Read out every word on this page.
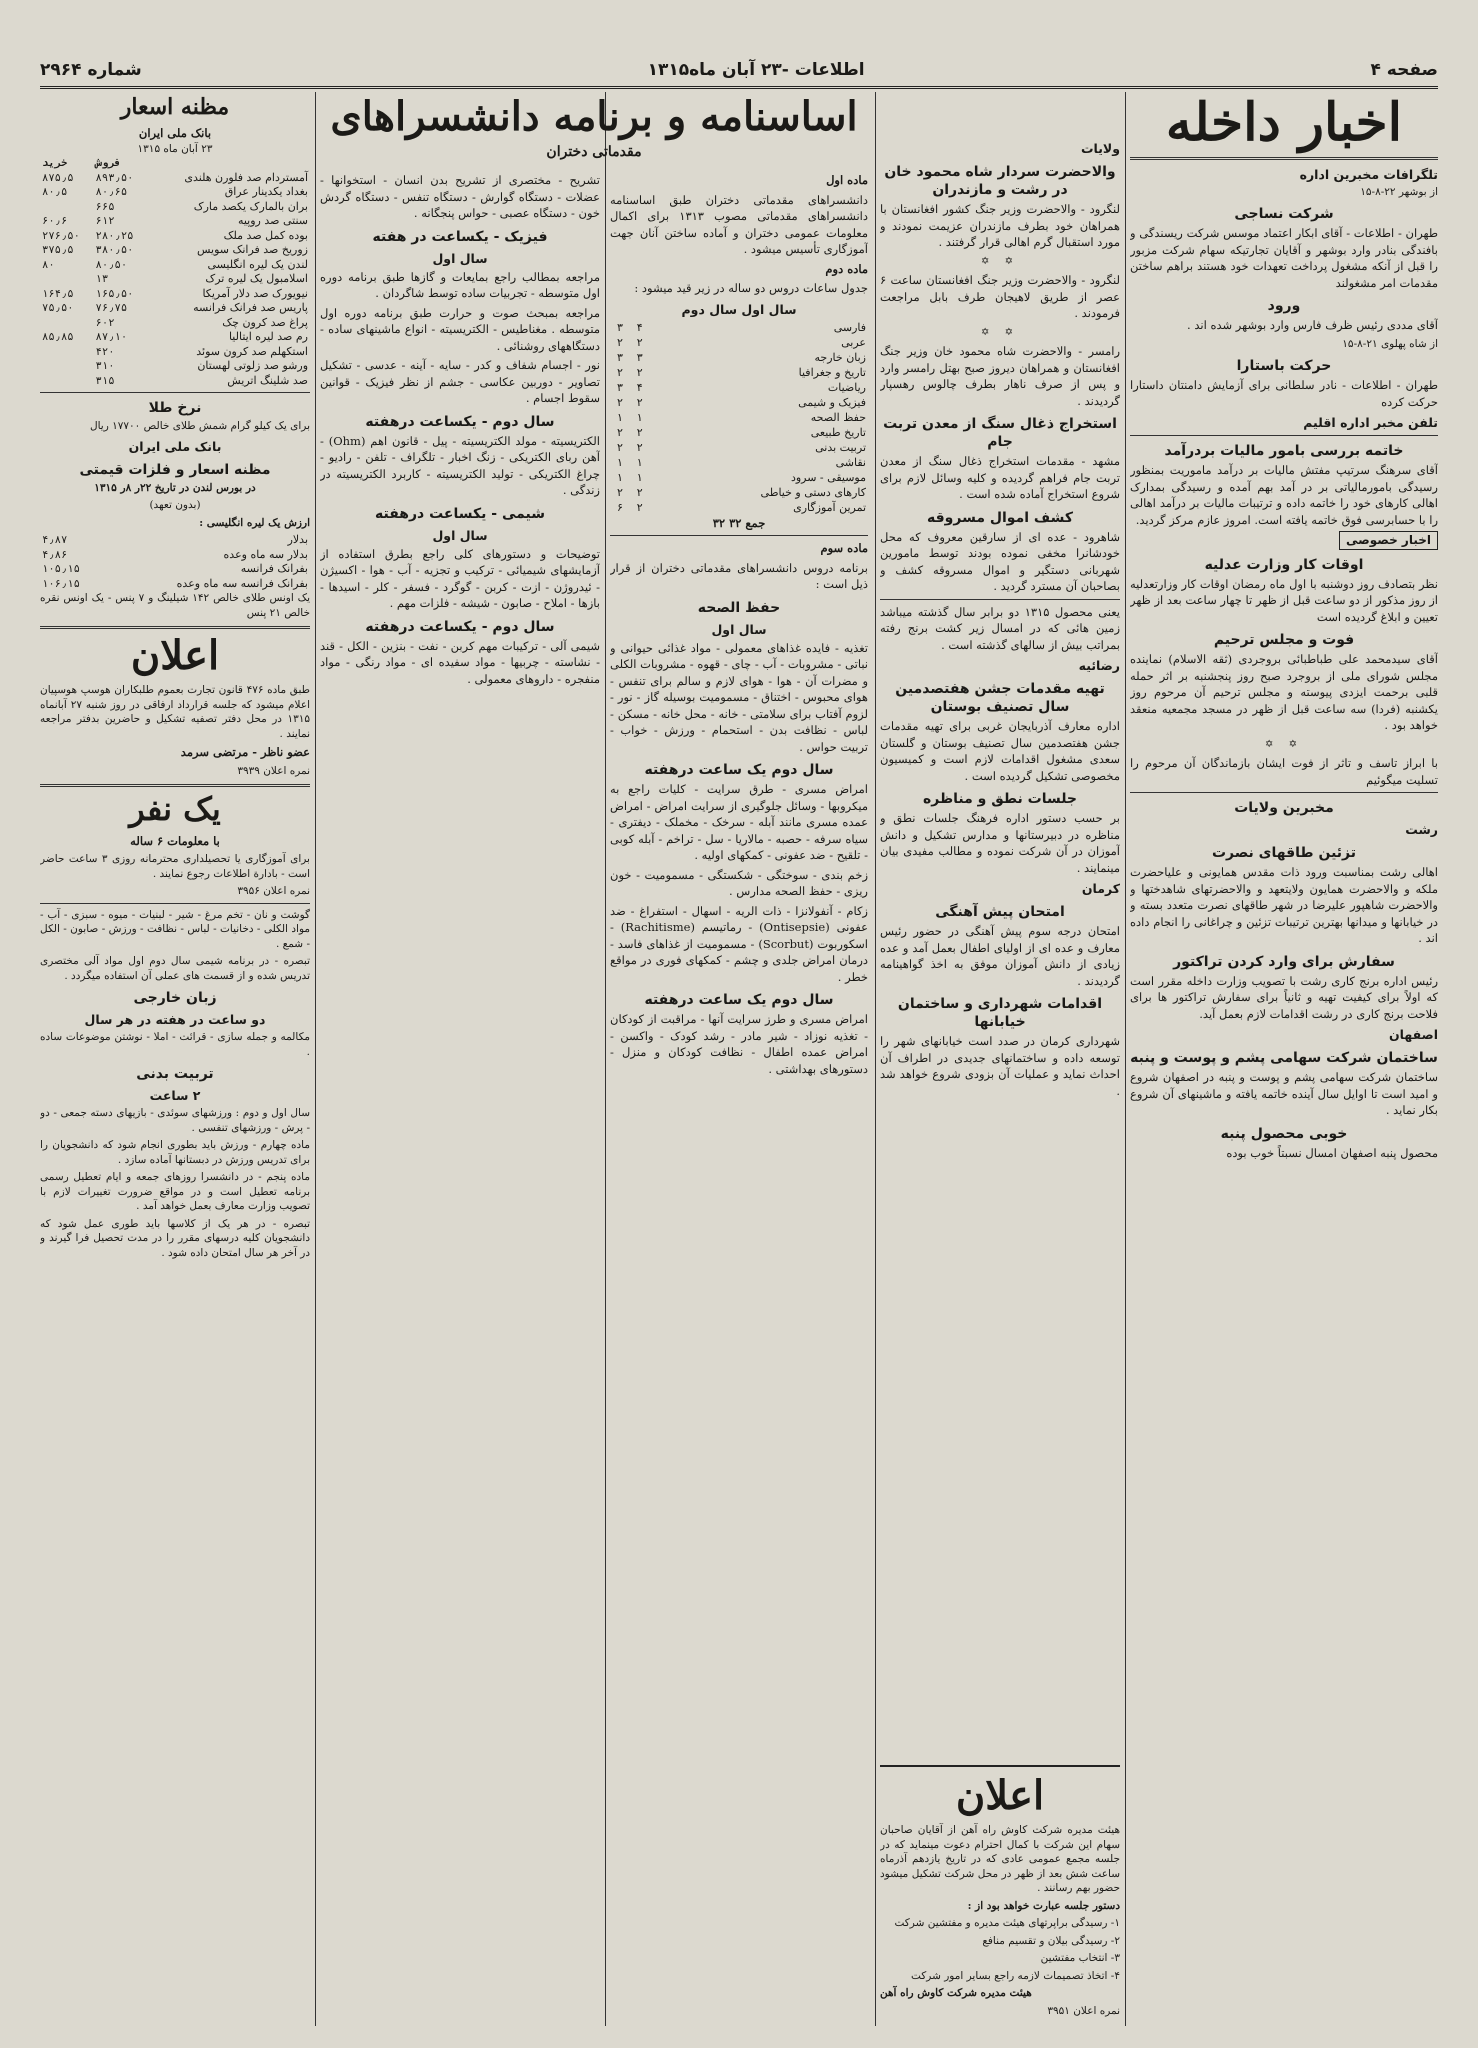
صفحه ۴
اطلاعات -۲۳ آبان ماه۱۳۱۵
شماره ۲۹۶۴
اخبار داخله
تلگرافات مخبرین اداره

از بوشهر ۲۲-۸-۱۵

شرکت نساجی

طهران - اطلاعات - آقای ابکار اعتماد موسس شرکت ریسندگی و بافندگی بنادر وارد بوشهر و آقایان تجارتیکه سهام شرکت مزبور را قبل از آنکه مشغول پرداخت تعهدات خود هستند براهم ساختن مقدمات امر مشغولند

ورود

آقای مددی رئیس ظرف فارس وارد بوشهر شده اند .

از شاه پهلوی ۲۱-۸-۱۵

حرکت باستارا

طهران - اطلاعات - نادر سلطانی برای آزمایش دامنتان داستارا حرکت کرده

تلفن مخبر اداره اقلیم
خاتمه بررسی بامور مالیات بردرآمد

آقای سرهنگ سرتیپ مفتش مالیات بر درآمد ماموریت بمنظور رسیدگی بامورمالیاتی بر در آمد بهم آمده و رسیدگی بمدارک اهالی کارهای خود را خاتمه داده و ترتیبات مالیات بر درآمد اهالی را با حسابرسی فوق خاتمه یافته است. امروز عازم مرکز گردید.

اخبار خصوصی

اوقات کار وزارت عدلیه

نظر بتصادف روز دوشنبه با اول ماه رمضان اوقات کار وزارتعدلیه از روز مذکور از دو ساعت قبل از ظهر تا چهار ساعت بعد از ظهر تعیین و ابلاغ گردیده است

فوت و مجلس ترحیم

آقای سیدمحمد علی طباطبائی بروجردی (ثقه الاسلام) نماینده مجلس شورای ملی از بروجرد صبح روز پنجشنبه بر اثر حمله قلبی برحمت ایزدی پیوسته و مجلس ترحیم آن مرحوم روز یکشنبه (فردا) سه ساعت قبل از ظهر در مسجد مجمعیه منعقد خواهد بود .

✡ ✡

با ابراز تاسف و تاثر از فوت ایشان بازماندگان آن مرحوم را تسلیت میگوئیم

مخبرین ولایات
رشت
تزئین طاقهای نصرت

اهالی رشت بمناسبت ورود ذات مقدس همایونی و علیاحضرت ملکه و والاحضرت همایون ولایتعهد و والاحضرتهای شاهدختها و والاحضرت شاهپور علیرضا در شهر طاقهای نصرت متعدد بسته و در خیابانها و میدانها بهترین ترتیبات تزئین و چراغانی را انجام داده اند .

سفارش برای وارد کردن تراکتور

رئیس اداره برنج کاری رشت با تصویب وزارت داخله مقرر است که اولاً برای کیفیت تهیه و ثانیاً برای سفارش تراکتور ها برای فلاحت برنج کاری در رشت اقدامات لازم بعمل آید.

اصفهان
ساختمان شرکت سهامی پشم و پوست و پنبه

ساختمان شرکت سهامی پشم و پوست و پنبه در اصفهان شروع و امید است تا اوایل سال آینده خاتمه یافته و ماشینهای آن شروع بکار نماید .

خوبی محصول پنبه

محصول پنبه اصفهان امسال نسبتاً خوب بوده

ولایات
والاحضرت سردار شاه محمود خان در رشت و مازندران

لنگرود - والاحضرت وزیر جنگ کشور افغانستان با همراهان خود بطرف مازندران عزیمت نمودند و مورد استقبال گرم اهالی قرار گرفتند .

✡ ✡

لنگرود - والاحضرت وزیر جنگ افغانستان ساعت ۶ عصر از طریق لاهیجان طرف بابل مراجعت فرمودند .

✡ ✡

رامسر - والاحضرت شاه محمود خان وزیر جنگ افغانستان و همراهان دیروز صبح بهتل رامسر وارد و پس از صرف ناهار بطرف چالوس رهسپار گردیدند .

استخراج ذغال سنگ از معدن تربت جام

مشهد - مقدمات استخراج ذغال سنگ از معدن تربت جام فراهم گردیده و کلیه وسائل لازم برای شروع استخراج آماده شده است .

کشف اموال مسروقه

شاهرود - عده ای از سارقین معروف که محل خودشانرا مخفی نموده بودند توسط مامورین شهربانی دستگیر و اموال مسروقه کشف و بصاحبان آن مسترد گردید .

یعنی محصول ۱۳۱۵ دو برابر سال گذشته میباشد زمین هائی که در امسال زیر کشت برنج رفته بمراتب بیش از سالهای گذشته است .

رضائیه
تهیه مقدمات جشن هفتصدمین سال تصنیف بوستان

اداره معارف آذربایجان غربی برای تهیه مقدمات جشن هفتصدمین سال تصنیف بوستان و گلستان سعدی مشغول اقدامات لازم است و کمیسیون مخصوصی تشکیل گردیده است .

جلسات نطق و مناظره

بر حسب دستور اداره فرهنگ جلسات نطق و مناظره در دبیرستانها و مدارس تشکیل و دانش آموزان در آن شرکت نموده و مطالب مفیدی بیان مینمایند .

کرمان
امتحان پیش آهنگی

امتحان درجه سوم پیش آهنگی در حضور رئیس معارف و عده ای از اولیای اطفال بعمل آمد و عده زیادی از دانش آموزان موفق به اخذ گواهینامه گردیدند .

اقدامات شهرداری و ساختمان خیابانها

شهرداری کرمان در صدد است خیابانهای شهر را توسعه داده و ساختمانهای جدیدی در اطراف آن احداث نماید و عملیات آن بزودی شروع خواهد شد .

اعلان

هیئت مدیره شرکت کاوش راه آهن از آقایان صاحبان سهام این شرکت با کمال احترام دعوت مینماید که در جلسه مجمع عمومی عادی که در تاریخ یازدهم آذرماه ساعت شش بعد از ظهر در محل شرکت تشکیل میشود حضور بهم رسانند .

دستور جلسه عبارت خواهد بود از :

۱- رسیدگی براپرتهای هیئت مدیره و مفتشین شرکت

۲- رسیدگی بیلان و تقسیم منافع

۳- انتخاب مفتشین

۴- اتخاذ تصمیمات لازمه راجع بسایر امور شرکت

هیئت مدیره شرکت کاوش راه آهن

نمره اعلان ۳۹۵۱

اساسنامه و برنامه دانشسراهای
مقدماتی دختران

ماده اول

دانشسراهای مقدماتی دختران طبق اساسنامه دانشسراهای مقدماتی مصوب ۱۳۱۳ برای اکمال معلومات عمومی دختران و آماده ساختن آنان جهت آموزگاری تأسیس میشود .

ماده دوم

جدول ساعات دروس دو ساله در زیر قید میشود :

سال اول سال دوم
فارسی	۴	۳
عربی	۲	۲
زبان خارجه	۳	۳
تاریخ و جغرافیا	۲	۲
ریاضیات	۴	۳
فیزیک و شیمی	۲	۲
حفظ الصحه	۱	۱
تاریخ طبیعی	۲	۲
تربیت بدنی	۲	۲
نقاشی	۱	۱
موسیقی - سرود	۱	۱
کارهای دستی و خیاطی	۲	۲
تمرین آموزگاری	۲	۶

جمع ۳۲ ۳۲

ماده سوم

برنامه دروس دانشسراهای مقدماتی دختران از قرار ذیل است :

حفظ الصحه
سال اول

تغذیه - فایده غذاهای معمولی - مواد غذائی حیوانی و نباتی - مشروبات - آب - چای - قهوه - مشروبات الکلی و مضرات آن - هوا - هوای لازم و سالم برای تنفس - هوای محبوس - اختناق - مسمومیت بوسیله گاز - نور - لزوم آفتاب برای سلامتی - خانه - محل خانه - مسکن - لباس - نظافت بدن - استحمام - ورزش - خواب - تربیت حواس .

سال دوم یک ساعت درهفته

امراض مسری - طرق سرایت - کلیات راجع به میکروبها - وسائل جلوگیری از سرایت امراض - امراض عمده مسری مانند آبله - سرخک - مخملک - دیفتری - سیاه سرفه - حصبه - مالاریا - سل - تراخم - آبله کوبی - تلقیح - ضد عفونی - کمکهای اولیه .

زخم بندی - سوختگی - شکستگی - مسمومیت - خون ریزی - حفظ الصحه مدارس .

زکام - آنفولانزا - ذات الریه - اسهال - استفراغ - ضد عفونی (Ontisepsie) - رماتیسم (Rachitisme) - اسکوربوت (Scorbut) - مسمومیت از غذاهای فاسد - درمان امراض جلدی و چشم - کمکهای فوری در مواقع خطر .

سال دوم یک ساعت درهفته

امراض مسری و طرز سرایت آنها - مراقبت از کودکان - تغذیه نوزاد - شیر مادر - رشد کودک - واکسن - امراض عمده اطفال - نظافت کودکان و منزل - دستورهای بهداشتی .

تشریح - مختصری از تشریح بدن انسان - استخوانها - عضلات - دستگاه گوارش - دستگاه تنفس - دستگاه گردش خون - دستگاه عصبی - حواس پنجگانه .

فیزیک - یکساعت در هفته
سال اول

مراجعه بمطالب راجع بمایعات و گازها طبق برنامه دوره اول متوسطه - تجربیات ساده توسط شاگردان .

مراجعه بمبحث صوت و حرارت طبق برنامه دوره اول متوسطه . مغناطیس - الکتریسیته - انواع ماشینهای ساده - دستگاههای روشنائی .

نور - اجسام شفاف و کدر - سایه - آینه - عدسی - تشکیل تصاویر - دوربین عکاسی - جشم از نظر فیزیک - قوانین سقوط اجسام .

سال دوم - یکساعت درهفته

الکتریسیته - مولد الکتریسیته - پیل - قانون اهم (Ohm) - آهن ربای الکتریکی - زنگ اخبار - تلگراف - تلفن - رادیو - چراغ الکتریکی - تولید الکتریسیته - کاربرد الکتریسیته در زندگی .

شیمی - یکساعت درهفته
سال اول

توضیحات و دستورهای کلی راجع بطرق استفاده از آزمایشهای شیمیائی - ترکیب و تجزیه - آب - هوا - اکسیژن - ئیدروژن - ازت - کربن - گوگرد - فسفر - کلر - اسیدها - بازها - املاح - صابون - شیشه - فلزات مهم .

سال دوم - یکساعت درهفته

شیمی آلی - ترکیبات مهم کربن - نفت - بنزین - الکل - قند - نشاسته - چربیها - مواد سفیده ای - مواد رنگی - مواد منفجره - داروهای معمولی .

مظنه اسعار
بانک ملی ایران
۲۳ آبان ماه ۱۳۱۵
	فروش	خرید
آمستردام صد فلورن هلندی	۸۹۳٫۵۰	۸۷۵٫۵
بغداد یکدینار عراق	۸۰٫۶۵	۸۰٫۵
بران بالمارک یکصد مارک	۶۶۵	
سنتی صد روپیه	۶۱۲	۶۰٫۶
بوده کمل صد ملک	۲۸۰٫۲۵	۲۷۶٫۵۰
زوریخ صد فرانک سویس	۳۸۰٫۵۰	۳۷۵٫۵
لندن یک لیره انگلیسی	۸۰٫۵۰	۸۰
اسلامبول یک لیره ترک	۱۳	
نیویورک صد دلار آمریکا	۱۶۵٫۵۰	۱۶۴٫۵
پاریس صد فرانک فرانسه	۷۶٫۷۵	۷۵٫۵۰
پراغ صد کرون چک	۶۰۲	
رم صد لیره ایتالیا	۸۷٫۱۰	۸۵٫۸۵
استکهلم صد کرون سوئد	۴۲۰	
ورشو صد زلوتی لهستان	۳۱۰	
صد شلینگ اتریش	۳۱۵	
نرخ طلا

برای یک کیلو گرام شمش طلای خالص ۱۷۷۰۰ ریال

بانک ملی ایران
مظنه اسعار و فلزات قیمتی

در بورس لندن در تاریخ ۲۲ر ۸ر ۱۳۱۵

(بدون تعهد)

ارزش یک لیره انگلیسی :

بدلار	۴٫۸۷
بدلار سه ماه وعده	۴٫۸۶
بفرانک فرانسه	۱۰۵٫۱۵
بفرانک فرانسه سه ماه وعده	۱۰۶٫۱۵

یک اونس طلای خالص ۱۴۲ شیلینگ و ۷ پنس - یک اونس نقره خالص ۲۱ پنس

اعلان

طبق ماده ۴۷۶ قانون تجارت بعموم طلبکاران هوسپ هوسپیان اعلام میشود که جلسه قرارداد ارفاقی در روز شنبه ۲۷ آبانماه ۱۳۱۵ در محل دفتر تصفیه تشکیل و حاضرین بدفتر مراجعه نمایند .

عضو ناظر - مرتضی سرمد

نمره اعلان ۳۹۳۹

یک نفر

با معلومات ۶ ساله

برای آموزگاری یا تحصیلداری محترمانه روزی ۳ ساعت حاضر است - بادارة اطلاعات رجوع نمایند .

نمره اعلان ۳۹۵۶

گوشت و نان - تخم مرغ - شیر - لبنیات - میوه - سبزی - آب - مواد الکلی - دخانیات - لباس - نظافت - ورزش - صابون - الکل - شمع .

تبصره - در برنامه شیمی سال دوم اول مواد آلی مختصری تدریس شده و از قسمت های عملی آن استفاده میگردد .

زبان خارجی
دو ساعت در هفته در هر سال

مکالمه و جمله سازی - قرائت - املا - نوشتن موضوعات ساده .

تربیت بدنی
۲ ساعت

سال اول و دوم : ورزشهای سوئدی - بازیهای دسته جمعی - دو - پرش - ورزشهای تنفسی .

ماده چهارم - ورزش باید بطوری انجام شود که دانشجویان را برای تدریس ورزش در دبستانها آماده سازد .

ماده پنجم - در دانشسرا روزهای جمعه و ایام تعطیل رسمی برنامه تعطیل است و در مواقع ضرورت تغییرات لازم با تصویب وزارت معارف بعمل خواهد آمد .

تبصره - در هر یک از کلاسها باید طوری عمل شود که دانشجویان کلیه درسهای مقرر را در مدت تحصیل فرا گیرند و در آخر هر سال امتحان داده شود .
